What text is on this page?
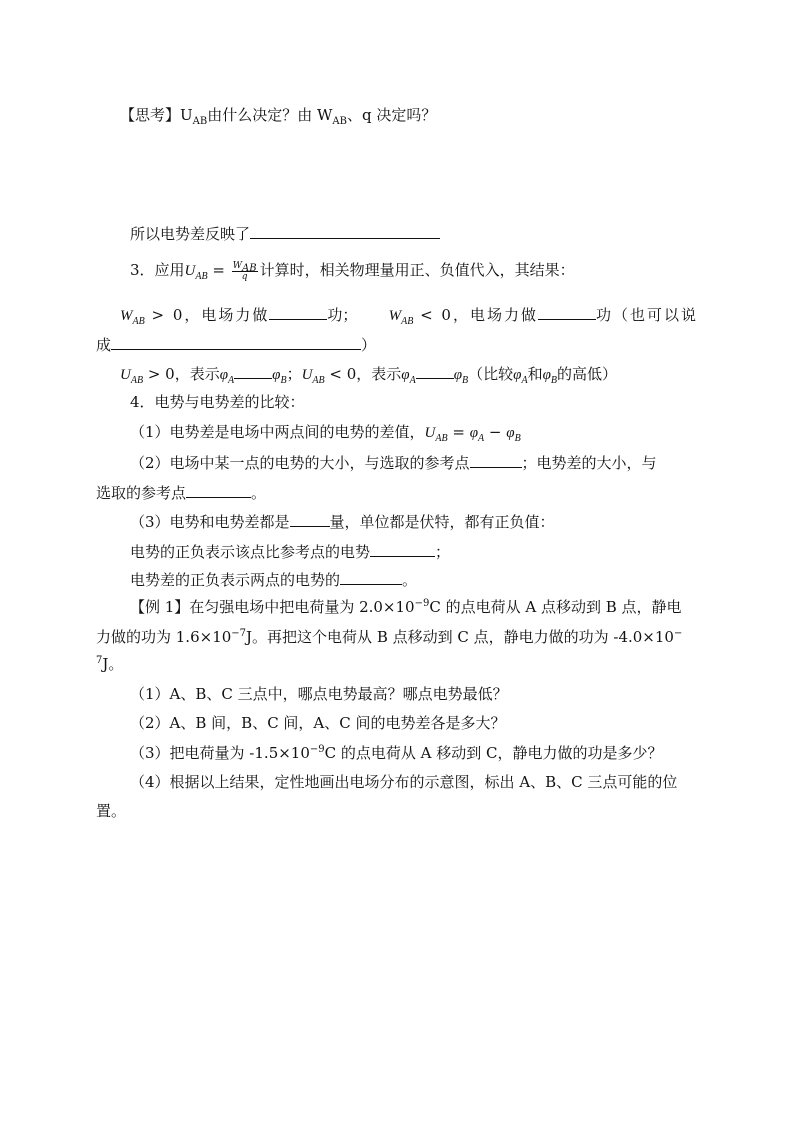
【思考】$U_{AB}$由什么决定？由 $W_{AB}$、q 决定吗？
所以电势差反映了
3．应用$U_{AB} = \frac{W_{AB}}{q}$ 计算时，相关物理量用正、负值代入，其结果：
$W_{AB} > 0$，电场力做	功； $W_{AB} < 0$，电场力做	功（也可以说
成	）
$U_{AB} > 0$，表示$\varphi_A$	$\varphi_B$；$U_{AB} < 0$，表示$\varphi_A$	$\varphi_B$（比较$\varphi_A$和$\varphi_B$的高低）
4．电势与电势差的比较：
（1）电势差是电场中两点间的电势的差值，$U_{AB} = \varphi_A - \varphi_B$
（2）电场中某一点的电势的大小，与选取的参考点	；电势差的大小，与
选取的参考点	。
（3）电势和电势差都是	量，单位都是伏特，都有正负值：
电势的正负表示该点比参考点的电势	；
电势差的正负表示两点的电势的	。
【例 1】在匀强电场中把电荷量为 $2.0\times 10^{-9}C$ 的点电荷从 A 点移动到 B 点，静电
力做的功为 $1.6\times 10^{-7}J$。再把这个电荷从 B 点移动到 C 点，静电力做的功为 -4.0×10−
$^7$J。
（1）A、B、C 三点中，哪点电势最高？哪点电势最低？
（2）A、B 间，B、C 间，A、C 间的电势差各是多大？
（3）把电荷量为 $-1.5\times 10^{-9}C$ 的点电荷从 A 移动到 C，静电力做的功是多少？
（4）根据以上结果，定性地画出电场分布的示意图，标出 A、B、C 三点可能的位
置。
